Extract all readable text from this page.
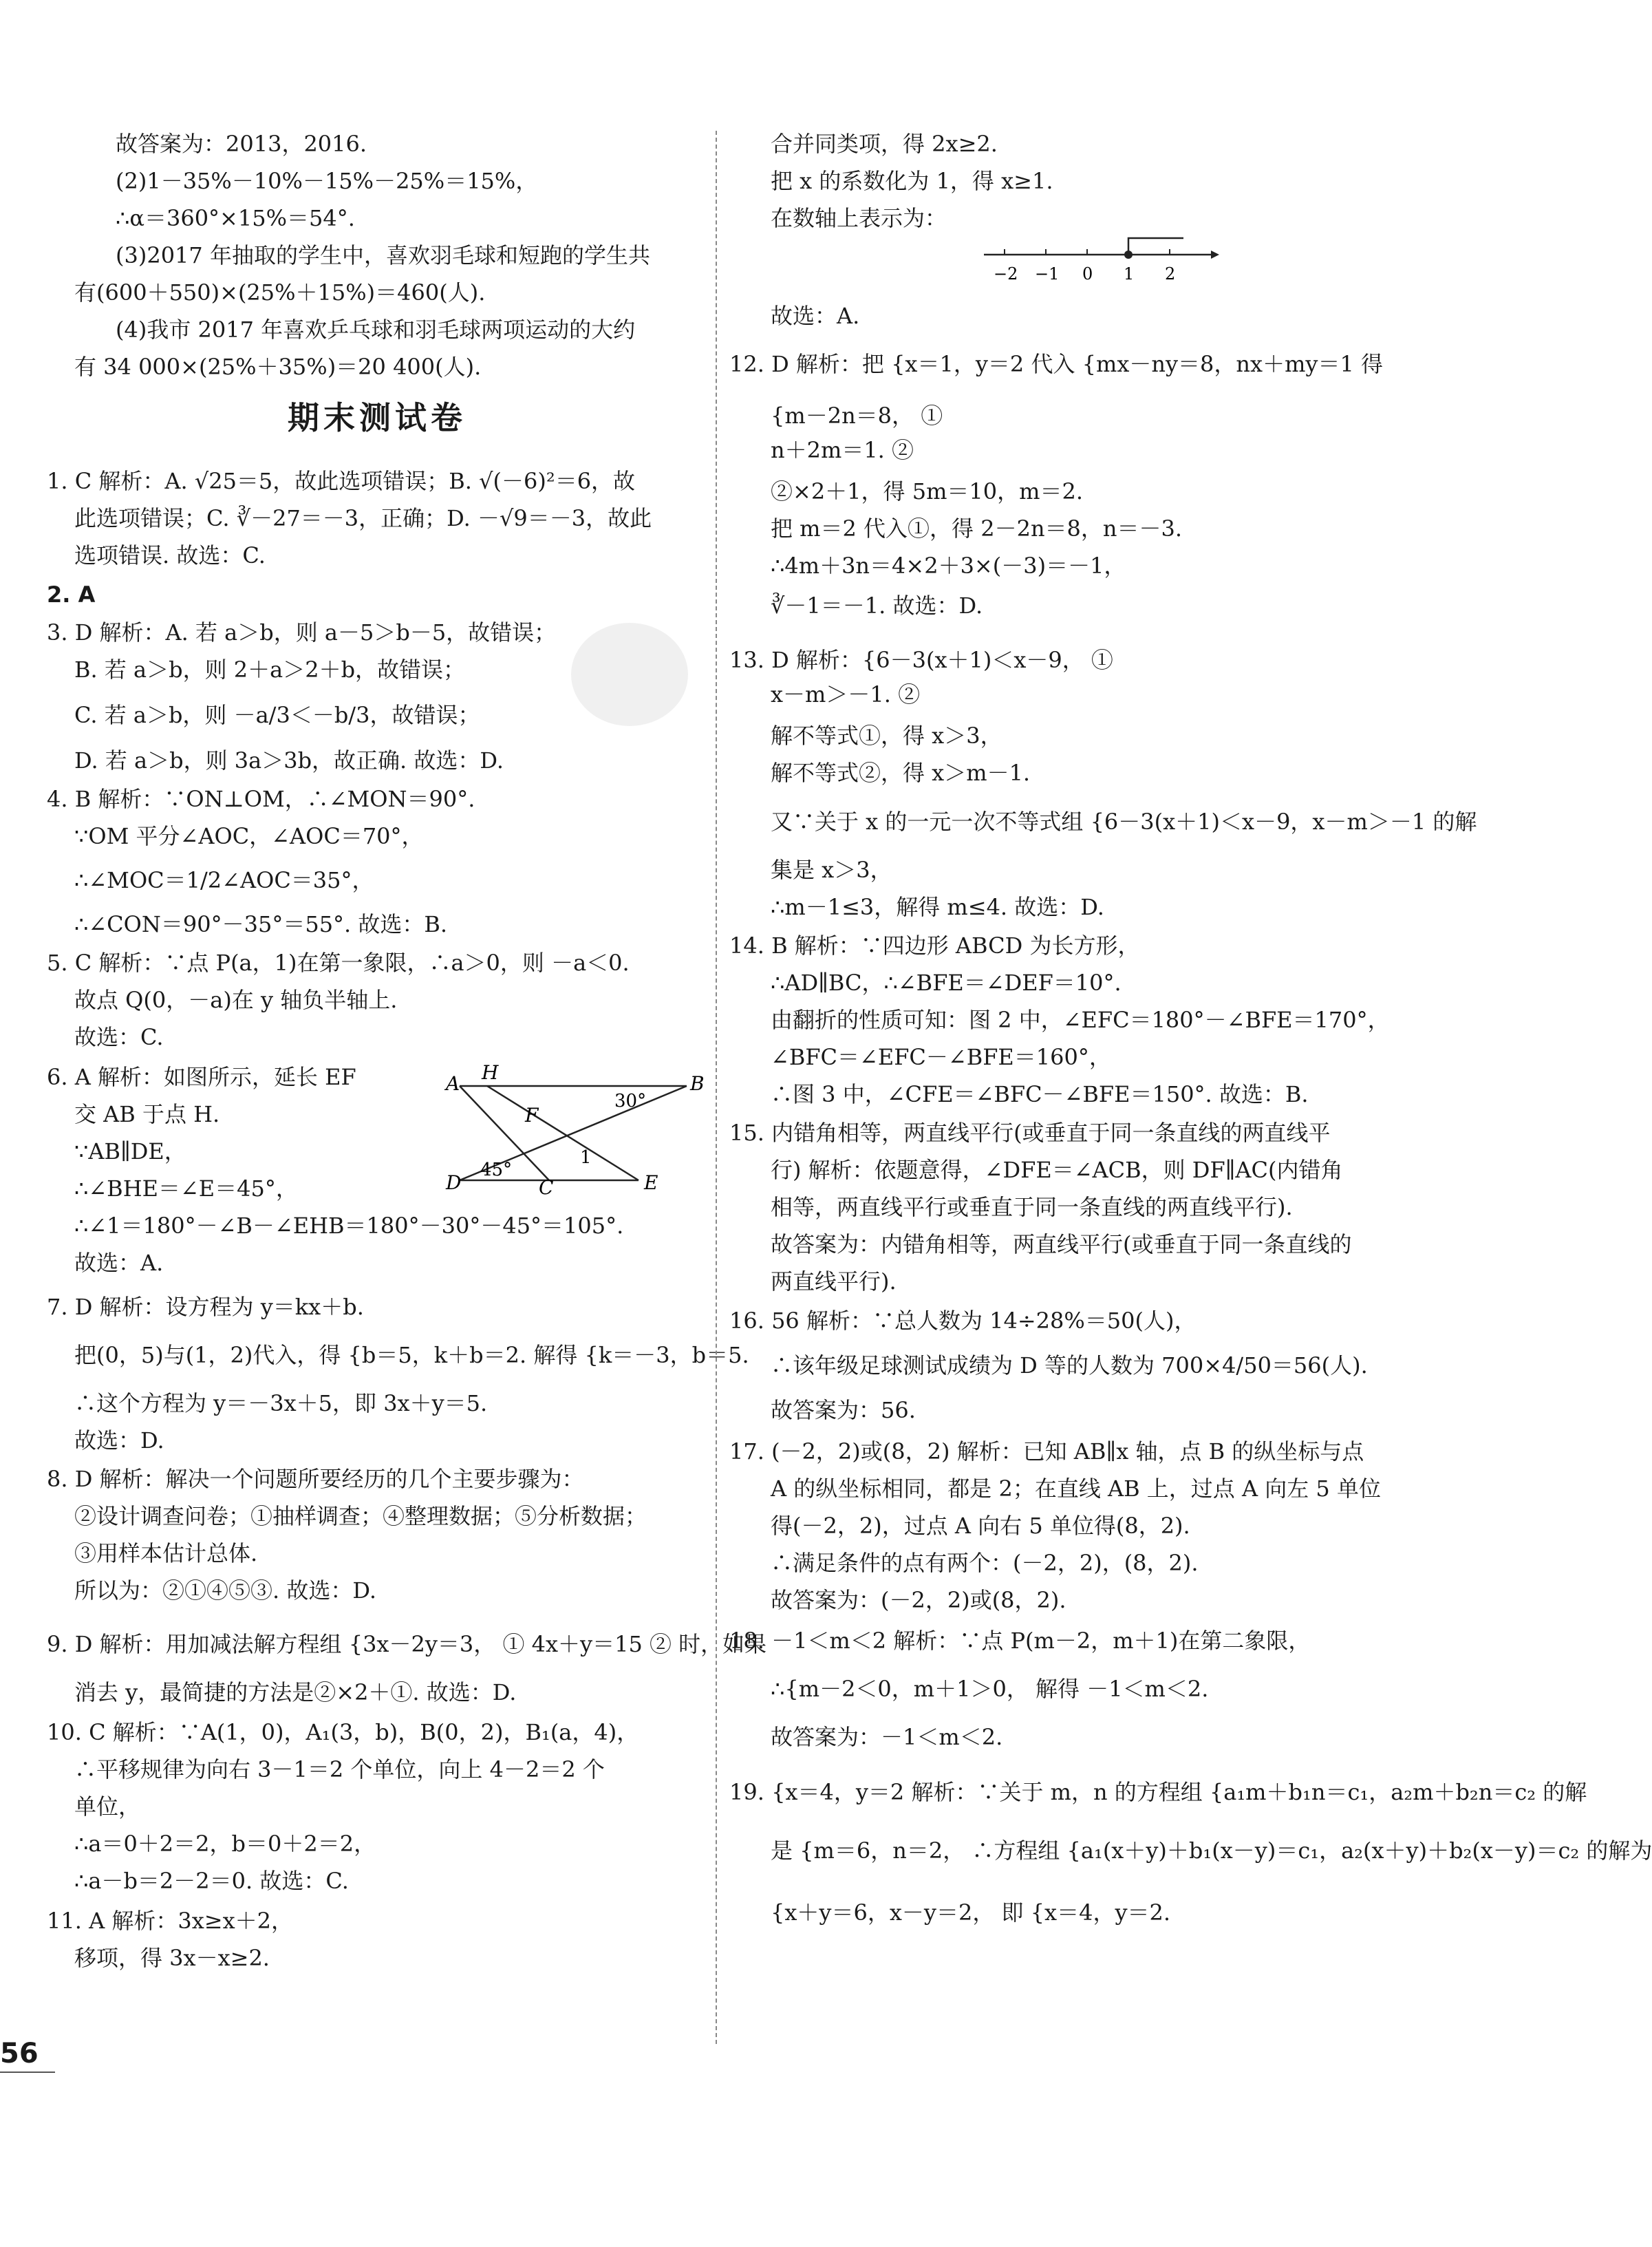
故答案为：2013，2016.
(2)1－35%－10%－15%－25%＝15%，
∴α＝360°×15%＝54°.
(3)2017 年抽取的学生中，喜欢羽毛球和短跑的学生共
有(600＋550)×(25%＋15%)＝460(人).
(4)我市 2017 年喜欢乒乓球和羽毛球两项运动的大约
有 34 000×(25%＋35%)＝20 400(人).
期末测试卷
1. C 解析：A. √25＝5，故此选项错误；B. √(－6)²＝6，故
此选项错误；C. ∛－27＝－3，正确；D. －√9＝－3，故此
选项错误. 故选：C.
2. A
3. D 解析：A. 若 a＞b，则 a－5＞b－5，故错误；
B. 若 a＞b，则 2＋a＞2＋b，故错误；
C. 若 a＞b，则 －a/3＜－b/3，故错误；
D. 若 a＞b，则 3a＞3b，故正确. 故选：D.
4. B 解析：∵ON⊥OM，∴∠MON＝90°.
∵OM 平分∠AOC，∠AOC＝70°，
∴∠MOC＝1/2∠AOC＝35°，
∴∠CON＝90°－35°＝55°. 故选：B.
5. C 解析：∵点 P(a，1)在第一象限，∴a＞0，则 －a＜0.
故点 Q(0，－a)在 y 轴负半轴上.
故选：C.
6. A 解析：如图所示，延长 EF
交 AB 于点 H.
∵AB∥DE，
∴∠BHE＝∠E＝45°，
∴∠1＝180°－∠B－∠EHB＝180°－30°－45°＝105°.
故选：A.
A H	B
F
30°
1
D
45°
C	E
7. D 解析：设方程为 y＝kx＋b.
把(0，5)与(1，2)代入，得 {b＝5，k＋b＝2. 解得 {k＝－3，b＝5.
∴这个方程为 y＝－3x＋5，即 3x＋y＝5.
故选：D.
8. D 解析：解决一个问题所要经历的几个主要步骤为：
②设计调查问卷；①抽样调查；④整理数据；⑤分析数据；
③用样本估计总体.
所以为：②①④⑤③. 故选：D.
9. D 解析：用加减法解方程组 {3x－2y＝3， ① 4x＋y＝15 ② 时，如果
消去 y，最简捷的方法是②×2＋①. 故选：D.
10. C 解析：∵A(1，0)，A₁(3，b)，B(0，2)，B₁(a，4)，
∴平移规律为向右 3－1＝2 个单位，向上 4－2＝2 个
单位，
∴a＝0＋2＝2，b＝0＋2＝2，
∴a－b＝2－2＝0. 故选：C.
11. A 解析：3x≥x＋2，
移项，得 3x－x≥2.
56
合并同类项，得 2x≥2.
把 x 的系数化为 1，得 x≥1.
在数轴上表示为：
−2 −1 0 1 2
故选：A.
12. D 解析：把 {x＝1，y＝2 代入 {mx－ny＝8，nx＋my＝1 得
{m－2n＝8， ①
n＋2m＝1. ②
②×2＋1，得 5m＝10，m＝2.
把 m＝2 代入①，得 2－2n＝8，n＝－3.
∴4m＋3n＝4×2＋3×(－3)＝－1，
∛－1＝－1. 故选：D.
13. D 解析：{6－3(x＋1)＜x－9， ①
x－m＞－1. ②
解不等式①，得 x＞3，
解不等式②，得 x＞m－1.
又∵关于 x 的一元一次不等式组 {6－3(x＋1)＜x－9，x－m＞－1 的解
集是 x＞3，
∴m－1≤3，解得 m≤4. 故选：D.
14. B 解析：∵四边形 ABCD 为长方形，
∴AD∥BC，∴∠BFE＝∠DEF＝10°.
由翻折的性质可知：图 2 中，∠EFC＝180°－∠BFE＝170°，
∠BFC＝∠EFC－∠BFE＝160°，
∴图 3 中，∠CFE＝∠BFC－∠BFE＝150°. 故选：B.
15. 内错角相等，两直线平行(或垂直于同一条直线的两直线平
行) 解析：依题意得，∠DFE＝∠ACB，则 DF∥AC(内错角
相等，两直线平行或垂直于同一条直线的两直线平行).
故答案为：内错角相等，两直线平行(或垂直于同一条直线的
两直线平行).
16. 56 解析：∵总人数为 14÷28%＝50(人)，
∴该年级足球测试成绩为 D 等的人数为 700×4/50＝56(人).
故答案为：56.
17. (－2，2)或(8，2) 解析：已知 AB∥x 轴，点 B 的纵坐标与点
A 的纵坐标相同，都是 2；在直线 AB 上，过点 A 向左 5 单位
得(－2，2)，过点 A 向右 5 单位得(8，2).
∴满足条件的点有两个：(－2，2)，(8，2).
故答案为：(－2，2)或(8，2).
18. －1＜m＜2 解析：∵点 P(m－2，m＋1)在第二象限，
∴{m－2＜0，m＋1＞0， 解得 －1＜m＜2.
故答案为：－1＜m＜2.
19. {x＝4，y＝2 解析：∵关于 m，n 的方程组 {a₁m＋b₁n＝c₁，a₂m＋b₂n＝c₂ 的解
是 {m＝6，n＝2， ∴方程组 {a₁(x＋y)＋b₁(x－y)＝c₁，a₂(x＋y)＋b₂(x－y)＝c₂ 的解为
{x＋y＝6，x－y＝2， 即 {x＝4，y＝2.
